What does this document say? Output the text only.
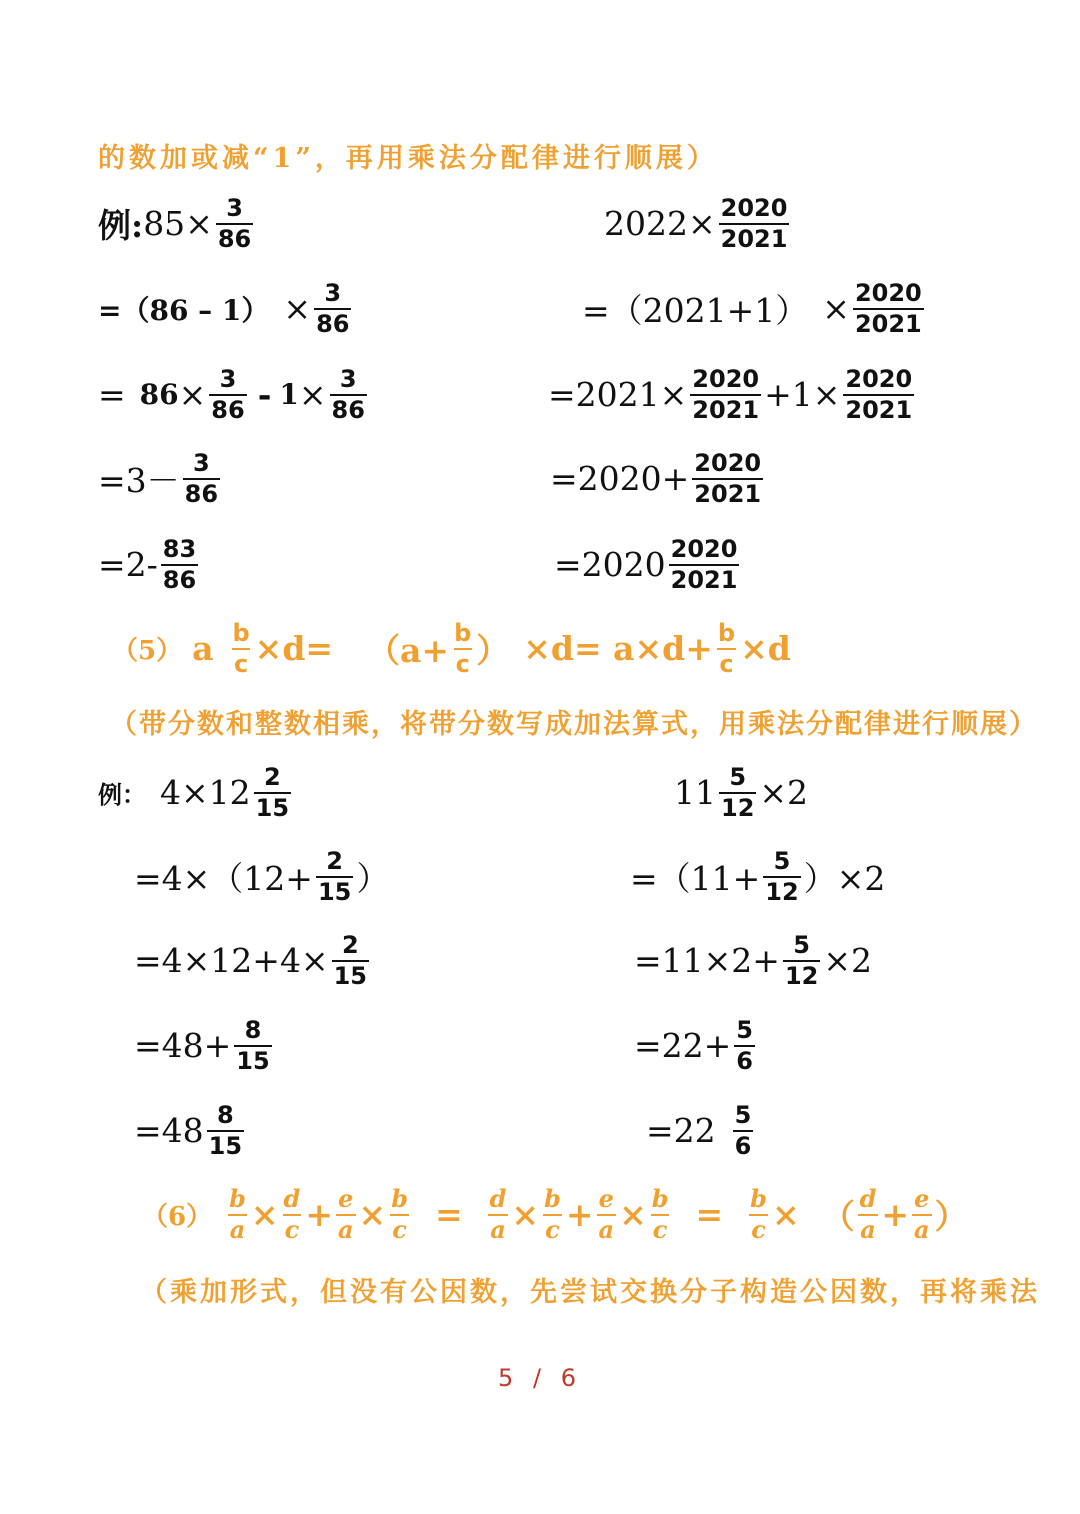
的数加或减“1”，再用乘法分配律进行顺展）
例: $85 \times \frac{3}{86}$
$=(86 - 1) \times \frac{3}{86}$
= $86 \times \frac{3}{86} - 1 \times \frac{3}{86}$
$=3- \frac{3}{86}$
$=2- \frac{83}{86}$
$2022 \times \frac{2020}{2021}$
$=(2021+1) \times \frac{2020}{2021}$
$=2021 \times \frac{2020}{2021} +1 \times \frac{2020}{2021}$
$=2020+ \frac{2020}{2021}$
$=2020 \frac{2020}{2021}$
（5） a $\frac{b}{c} \times d= (a+ \frac{b}{c}$ ） $\times d= a\times d+ \frac{b}{c} \times d$
（带分数和整数相乘，将带分数写成加法算式，用乘法分配律进行顺展）
例： $4\times 12 \frac{2}{15}$
$=4\times(12+ \frac{2}{15}$ ）
$=4\times 12+4\times \frac{2}{15}$
$=48+ \frac{8}{15}$
$=48 \frac{8}{15}$
$11 \frac{5}{12} \times 2$
$=(11+ \frac{5}{12} )\times 2$
$=11\times 2+ \frac{5}{12} \times 2$
$=22+ \frac{5}{6}$
$=22 \frac{5}{6}$
$(6) \frac{b}{a} \times \frac{d}{c} + \frac{e}{a} \times \frac{b}{c} = \frac{d}{a} \times \frac{b}{c} + \frac{e}{a} \times \frac{b}{c} = \frac{b}{c}$ × （ d
$a + \frac{e}{a}$ ）
（乘加形式，但没有公因数，先尝试交换分子构造公因数，再将乘法
5 / 6
